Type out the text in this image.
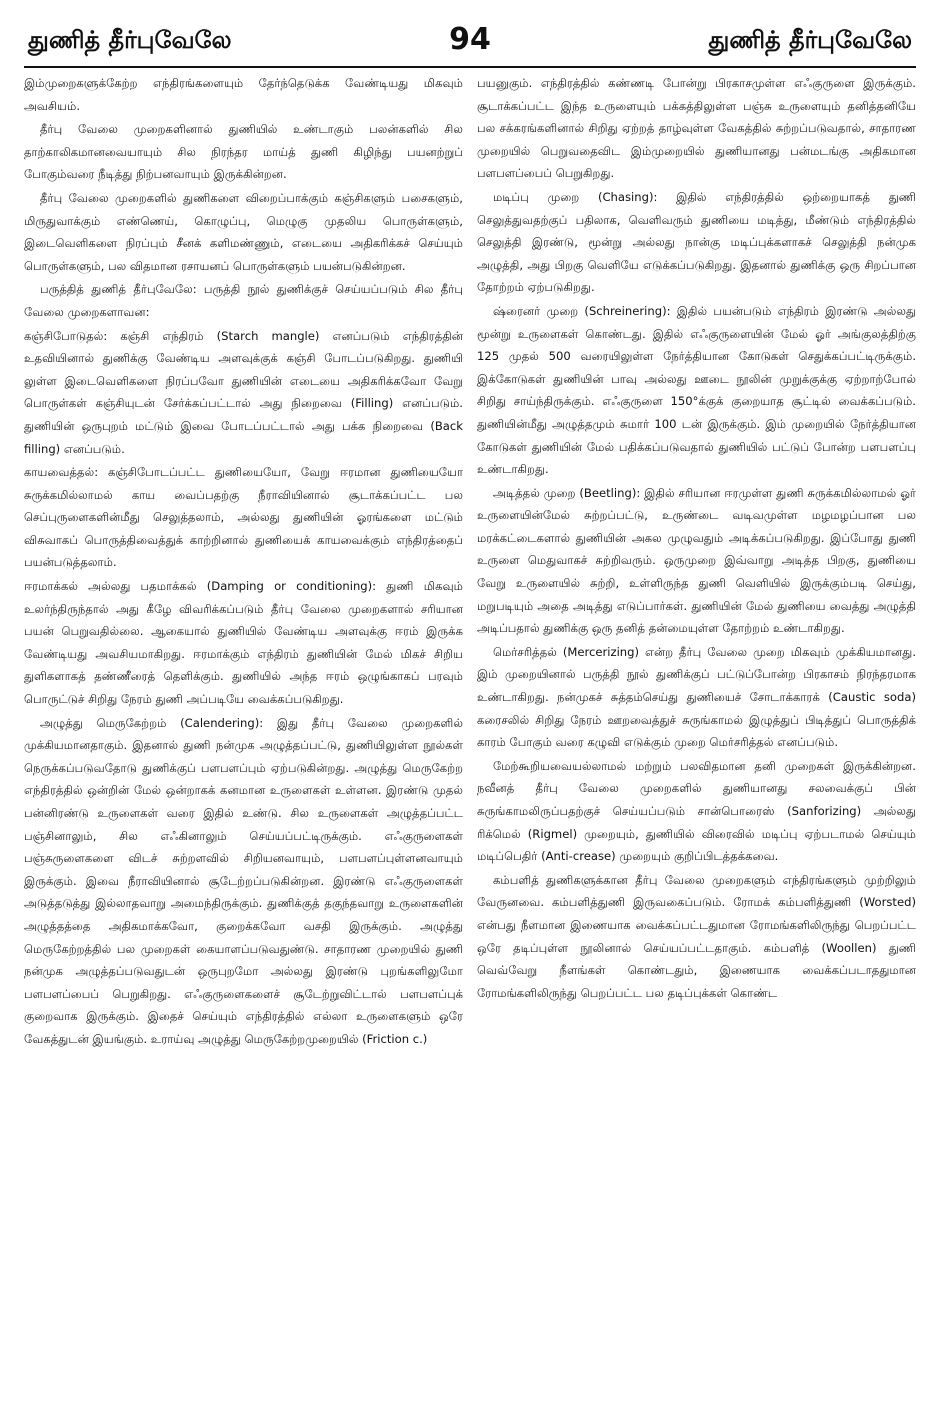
துணித் தீர்புவேலே	94	துணித் தீர்புவேலே

இம்முறைகளுக்கேற்ற எந்திரங்களையும் தேர்ந்தெடுக்க வேண்டியது மிகவும் அவசியம்.

தீர்பு வேலை முறைகளினால் துணியில் உண்டாகும் பலன்களில் சில தாற்காலிகமானவையாயும் சில நிரந்தர மாய்த் துணி கிழிந்து பயனற்றுப் போகும்வரை நீடித்து நிற்பனவாயும் இருக்கின்றன.

தீர்பு வேலை முறைகளில் துணிகளை விறைப்பாக்கும் கஞ்சிகளும் பசைகளும், மிருதுவாக்கும் எண்ணெய், கொழுப்பு, மெழுகு முதலிய பொருள்களும், இடைவெளிகளை நிரப்பும் சீனக் களிமண்ணும், எடையை அதிகரிக்கச் செய்யும் பொருள்களும், பல விதமான ரசாயனப் பொருள்களும் பயன்படுகின்றன.

பருத்தித் துணித் தீர்புவேலே: பருத்தி நூல் துணிக்குச் செய்யப்படும் சில தீர்பு வேலை முறைகளாவன:

கஞ்சிபோடுதல்: கஞ்சி எந்திரம் (Starch mangle) எனப்படும் எந்திரத்தின் உதவியினால் துணிக்கு வேண்டிய அளவுக்குக் கஞ்சி போடப்படுகிறது. துணியி லுள்ள இடைவெளிகளை நிரப்பவோ துணியின் எடையை அதிகரிக்கவோ வேறு பொருள்கள் கஞ்சியுடன் சேர்க்கப்பட்டால் அது நிறைவை (Filling) எனப்படும். துணியின் ஒருபுறம் மட்டும் இவை போடப்பட்டால் அது பக்க நிறைவை (Back filling) எனப்படும்.

காயவைத்தல்: கஞ்சிபோடப்பட்ட துணியையோ, வேறு ஈரமான துணியையோ சுருக்கமில்லாமல் காய வைப்பதற்கு நீராவியினால் சூடாக்கப்பட்ட பல செப்புருளைகளின்மீது செலுத்தலாம், அல்லது துணியின் ஓரங்களை மட்டும் விசுவாகப் பொருத்திவைத்துக் காற்றினால் துணியைக் காயவைக்கும் எந்திரத்தைப் பயன்படுத்தலாம்.

ஈரமாக்கல் அல்லது பதமாக்கல் (Damping or conditioning): துணி மிகவும் உலர்ந்திருந்தால் அது கீழே விவரிக்கப்படும் தீர்பு வேலை முறைகளால் சரியான பயன் பெறுவதில்லை. ஆகையால் துணியில் வேண்டிய அளவுக்கு ஈரம் இருக்க வேண்டியது அவசியமாகிறது. ஈரமாக்கும் எந்திரம் துணியின் மேல் மிகச் சிறிய துளிகளாகத் தண்ணீரைத் தெளிக்கும். துணியில் அந்த ஈரம் ஒழுங்காகப் பரவும் பொருட்டுச் சிறிது நேரம் துணி அப்படியே வைக்கப்படுகிறது.

அழுத்து மெருகேற்றம் (Calendering): இது தீர்பு வேலை முறைகளில் முக்கியமானதாகும். இதனால் துணி நன்முக அழுத்தப்பட்டு, துணியிலுள்ள நூல்கள் நெருக்கப்படுவதோடு துணிக்குப் பளபளப்பும் ஏற்படுகின்றது. அழுத்து மெருகேற்ற எந்திரத்தில் ஒன்றின் மேல் ஒன்றாகக் கனமான உருளைகள் உள்ளன. இரண்டு முதல் பன்னிரண்டு உருளைகள் வரை இதில் உண்டு. சில உருளைகள் அழுத்தப்பட்ட பஞ்சினாலும், சில எஃகினாலும் செய்யப்பட்டிருக்கும். எஃகுருளைகள் பஞ்சுருளைகளை விடச் சுற்றளவில் சிறியனவாயும், பளபளப்புள்ளனவாயும் இருக்கும். இவை நீராவியினால் சூடேற்றப்படுகின்றன. இரண்டு எஃகுருளைகள் அடுத்தடுத்து இல்லாதவாறு அமைந்திருக்கும். துணிக்குத் தகுந்தவாறு உருளைகளின் அழுத்தத்தை அதிகமாக்கவோ, குறைக்கவோ வசதி இருக்கும். அழுத்து மெருகேற்றத்தில் பல முறைகள் கையாளப்படுவதுண்டு. சாதாரண முறையில் துணி நன்முக அழுத்தப்படுவதுடன் ஒருபுறமோ அல்லது இரண்டு புறங்களிலுமோ பளபளப்பைப் பெறுகிறது. எஃகுருளைகளைச் சூடேற்றுவிட்டால் பளபளப்புக் குறைவாக இருக்கும். இதைச் செய்யும் எந்திரத்தில் எல்லா உருளைகளும் ஒரே வேகத்துடன் இயங்கும். உராய்வு அழுத்து மெருகேற்றமுறையில் (Friction c.)

பயனுகும். எந்திரத்தில் கண்ணடி போன்று பிரகாசமுள்ள எஃகுருளை இருக்கும். சூடாக்கப்பட்ட இந்த உருளையும் பக்கத்திலுள்ள பஞ்சு உருளையும் தனித்தனியே பல சக்கரங்களினால் சிறிது ஏற்றத் தாழ்வுள்ள வேகத்தில் சுற்றப்படுவதால், சாதாரண முறையில் பெறுவதைவிட இம்முறையில் துணியானது பன்மடங்கு அதிகமான பளபளப்பைப் பெறுகிறது.

மடிப்பு முறை (Chasing): இதில் எந்திரத்தில் ஒற்றையாகத் துணி செலுத்துவதற்குப் பதிலாக, வெளிவரும் துணியை மடித்து, மீண்டும் எந்திரத்தில் செலுத்தி இரண்டு, மூன்று அல்லது நான்கு மடிப்புக்களாகச் செலுத்தி நன்முக அழுத்தி, அது பிறகு வெளியே எடுக்கப்படுகிறது. இதனால் துணிக்கு ஒரு சிறப்பான தோற்றம் ஏற்படுகிறது.

ஷ்ரைனர் முறை (Schreinering): இதில் பயன்படும் எந்திரம் இரண்டு அல்லது மூன்று உருளைகள் கொண்டது. இதில் எஃகுருளையின் மேல் ஓர் அங்குலத்திற்கு 125 முதல் 500 வரையிலுள்ள நேர்த்தியான கோடுகள் செதுக்கப்பட்டிருக்கும். இக்கோடுகள் துணியின் பாவு அல்லது ஊடை நூலின் முறுக்குக்கு ஏற்றாற்போல் சிறிது சாய்ந்திருக்கும். எஃகுருளை 150°க்குக் குறையாத சூட்டில் வைக்கப்படும். துணியின்மீது அழுத்தமும் சுமார் 100 டன் இருக்கும். இம் முறையில் நேர்த்தியான கோடுகள் துணியின் மேல் பதிக்கப்படுவதால் துணியில் பட்டுப் போன்ற பளபளப்பு உண்டாகிறது.

அடித்தல் முறை (Beetling): இதில் சரியான ஈரமுள்ள துணி சுருக்கமில்லாமல் ஓர் உருளையின்மேல் சுற்றப்பட்டு, உருண்டை வடிவமுள்ள மழமழப்பான பல மரக்கட்டைகளால் துணியின் அகல முழுவதும் அடிக்கப்படுகிறது. இப்போது துணி உருளை மெதுவாகச் சுற்றிவரும். ஒருமுறை இவ்வாறு அடித்த பிறகு, துணியை வேறு உருளையில் சுற்றி, உள்ளிருந்த துணி வெளியில் இருக்கும்படி செய்து, மறுபடியும் அதை அடித்து எடுப்பார்கள். துணியின் மேல் துணியை வைத்து அழுத்தி அடிப்பதால் துணிக்கு ஒரு தனித் தன்மையுள்ள தோற்றம் உண்டாகிறது.

மெர்சரித்தல் (Mercerizing) என்ற தீர்பு வேலை முறை மிகவும் முக்கியமானது. இம் முறையினால் பருத்தி நூல் துணிக்குப் பட்டுப்போன்ற பிரகாசம் நிரந்தரமாக உண்டாகிறது. நன்முகச் சுத்தம்செய்து துணியைச் சோடாக்காரக் (Caustic soda) கரைசலில் சிறிது நேரம் ஊறவைத்துச் சுருங்காமல் இழுத்துப் பிடித்துப் பொருத்திக் காரம் போகும் வரை கழுவி எடுக்கும் முறை மெர்சரித்தல் எனப்படும்.

மேற்கூறியவையல்லாமல் மற்றும் பலவிதமான தனி முறைகள் இருக்கின்றன. நவீனத் தீர்பு வேலை முறைகளில் துணியானது சலவைக்குப் பின் சுருங்காமலிருப்பதற்குச் செய்யப்படும் சான்பொரைஸ் (Sanforizing) அல்லது ரிக்மெல் (Rigmel) முறையும், துணியில் விரைவில் மடிப்பு ஏற்படாமல் செய்யும் மடிப்பெதிர் (Anti-crease) முறையும் குறிப்பிடத்தக்கவை.

கம்பளித் துணிகளுக்கான தீர்பு வேலை முறைகளும் எந்திரங்களும் முற்றிலும் வேருனவை. கம்பளித்துணி இருவகைப்படும். ரோமக் கம்பளித்துணி (Worsted) என்பது நீளமான இணையாக வைக்கப்பட்டதுமான ரோமங்களிலிருந்து பெறப்பட்ட ஒரே தடிப்புள்ள நூலினால் செய்யப்பட்டதாகும். கம்பளித் (Woollen) துணி வெவ்வேறு நீளங்கள் கொண்டதும், இணையாக வைக்கப்படாததுமான ரோமங்களிலிருந்து பெறப்பட்ட பல தடிப்புக்கள் கொண்ட
